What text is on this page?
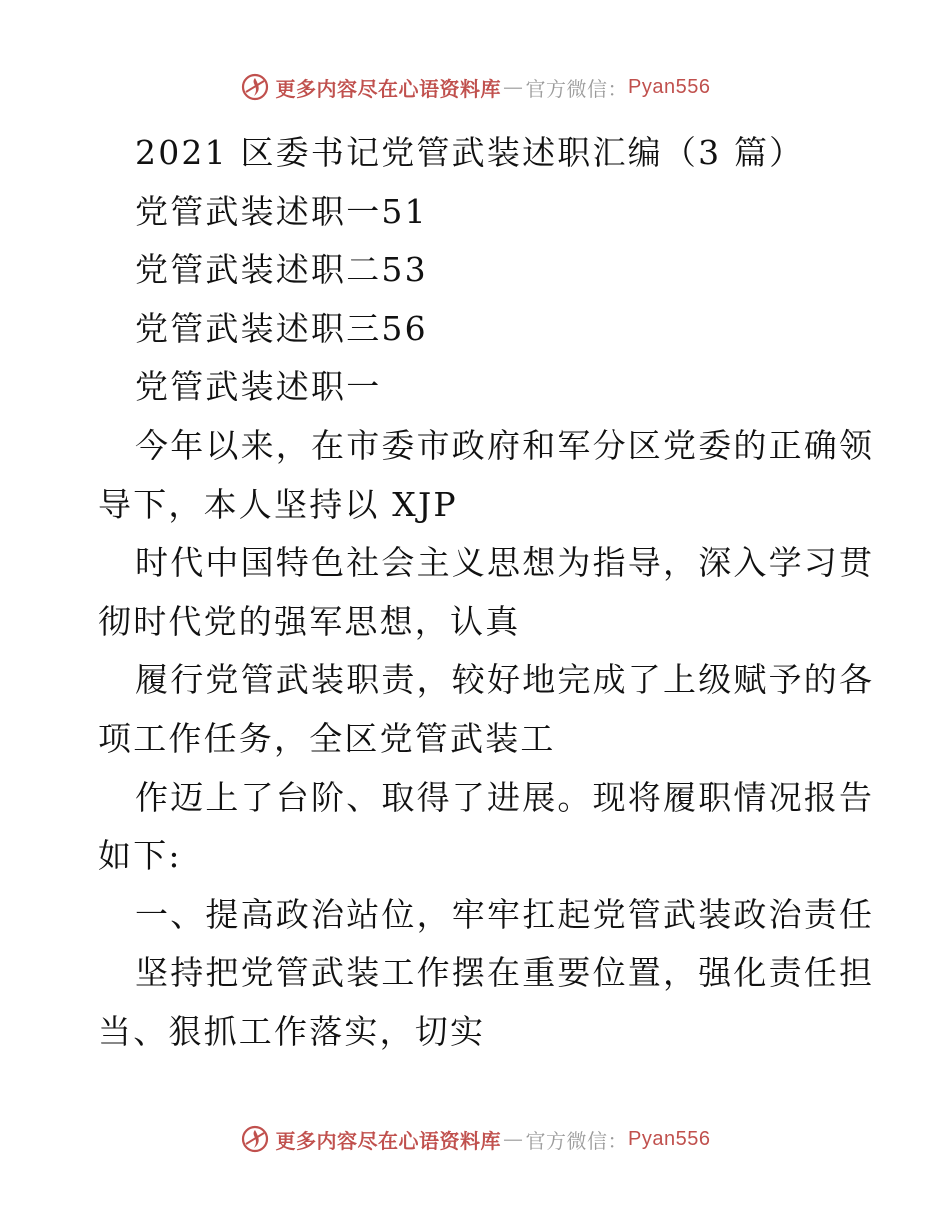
更多内容尽在心语资料库 — 官方微信： Pyan556
2021 区委书记党管武装述职汇编（3 篇）
党管武装述职一51
党管武装述职二53
党管武装述职三56
党管武装述职一
今年以来，在市委市政府和军分区党委的正确领
导下，本人坚持以 XJP
时代中国特色社会主义思想为指导，深入学习贯
彻时代党的强军思想，认真
履行党管武装职责，较好地完成了上级赋予的各
项工作任务，全区党管武装工
作迈上了台阶、取得了进展。现将履职情况报告
如下:
一、提高政治站位，牢牢扛起党管武装政治责任
坚持把党管武装工作摆在重要位置，强化责任担
当、狠抓工作落实，切实
更多内容尽在心语资料库 — 官方微信： Pyan556
